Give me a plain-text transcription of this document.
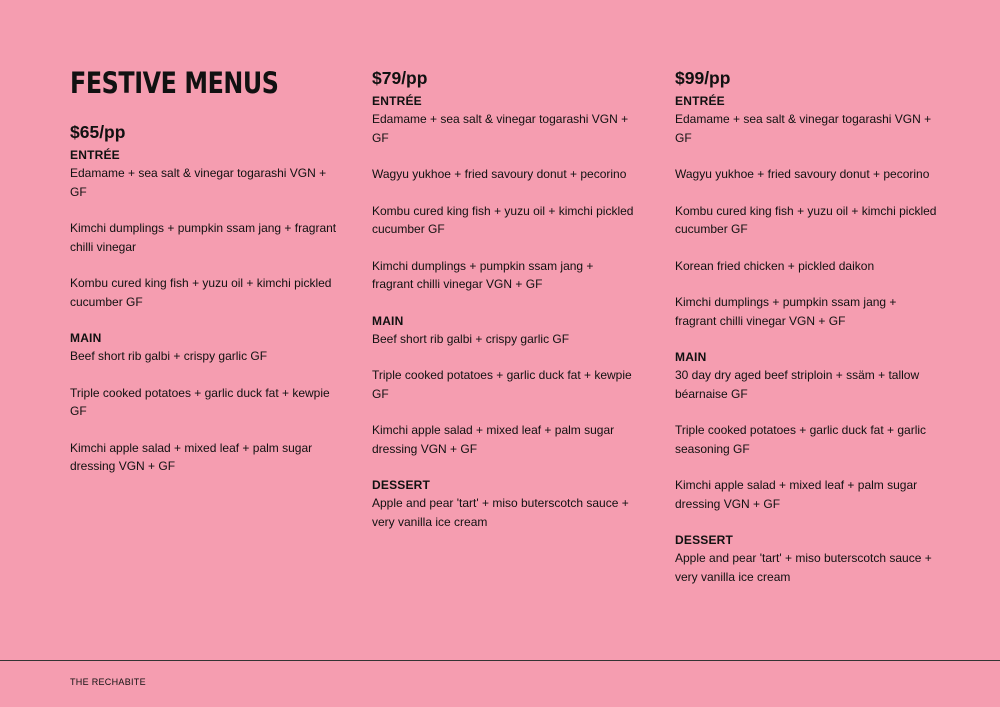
FESTIVE MENUS
$65/pp
ENTRÉE

Edamame + sea salt & vinegar togarashi VGN + GF

Kimchi dumplings + pumpkin ssam jang + fragrant chilli vinegar

Kombu cured king fish + yuzu oil + kimchi pickled cucumber GF

MAIN

Beef short rib galbi + crispy garlic GF

Triple cooked potatoes + garlic duck fat + kewpie GF

Kimchi apple salad + mixed leaf + palm sugar dressing VGN + GF

$79/pp
ENTRÉE

Edamame + sea salt & vinegar togarashi VGN + GF

Wagyu yukhoe + fried savoury donut + pecorino

Kombu cured king fish + yuzu oil + kimchi pickled cucumber GF

Kimchi dumplings + pumpkin ssam jang + fragrant chilli vinegar VGN + GF

MAIN

Beef short rib galbi + crispy garlic GF

Triple cooked potatoes + garlic duck fat + kewpie GF

Kimchi apple salad + mixed leaf + palm sugar dressing VGN + GF

DESSERT

Apple and pear 'tart' + miso buterscotch sauce + very vanilla ice cream

$99/pp
ENTRÉE

Edamame + sea salt & vinegar togarashi VGN + GF

Wagyu yukhoe + fried savoury donut + pecorino

Kombu cured king fish + yuzu oil + kimchi pickled cucumber GF

Korean fried chicken + pickled daikon

Kimchi dumplings + pumpkin ssam jang + fragrant chilli vinegar VGN + GF

MAIN

30 day dry aged beef striploin + ssäm + tallow béarnaise GF

Triple cooked potatoes + garlic duck fat + garlic seasoning GF

Kimchi apple salad + mixed leaf + palm sugar dressing VGN + GF

DESSERT

Apple and pear 'tart' + miso buterscotch sauce + very vanilla ice cream

THE RECHABITE
